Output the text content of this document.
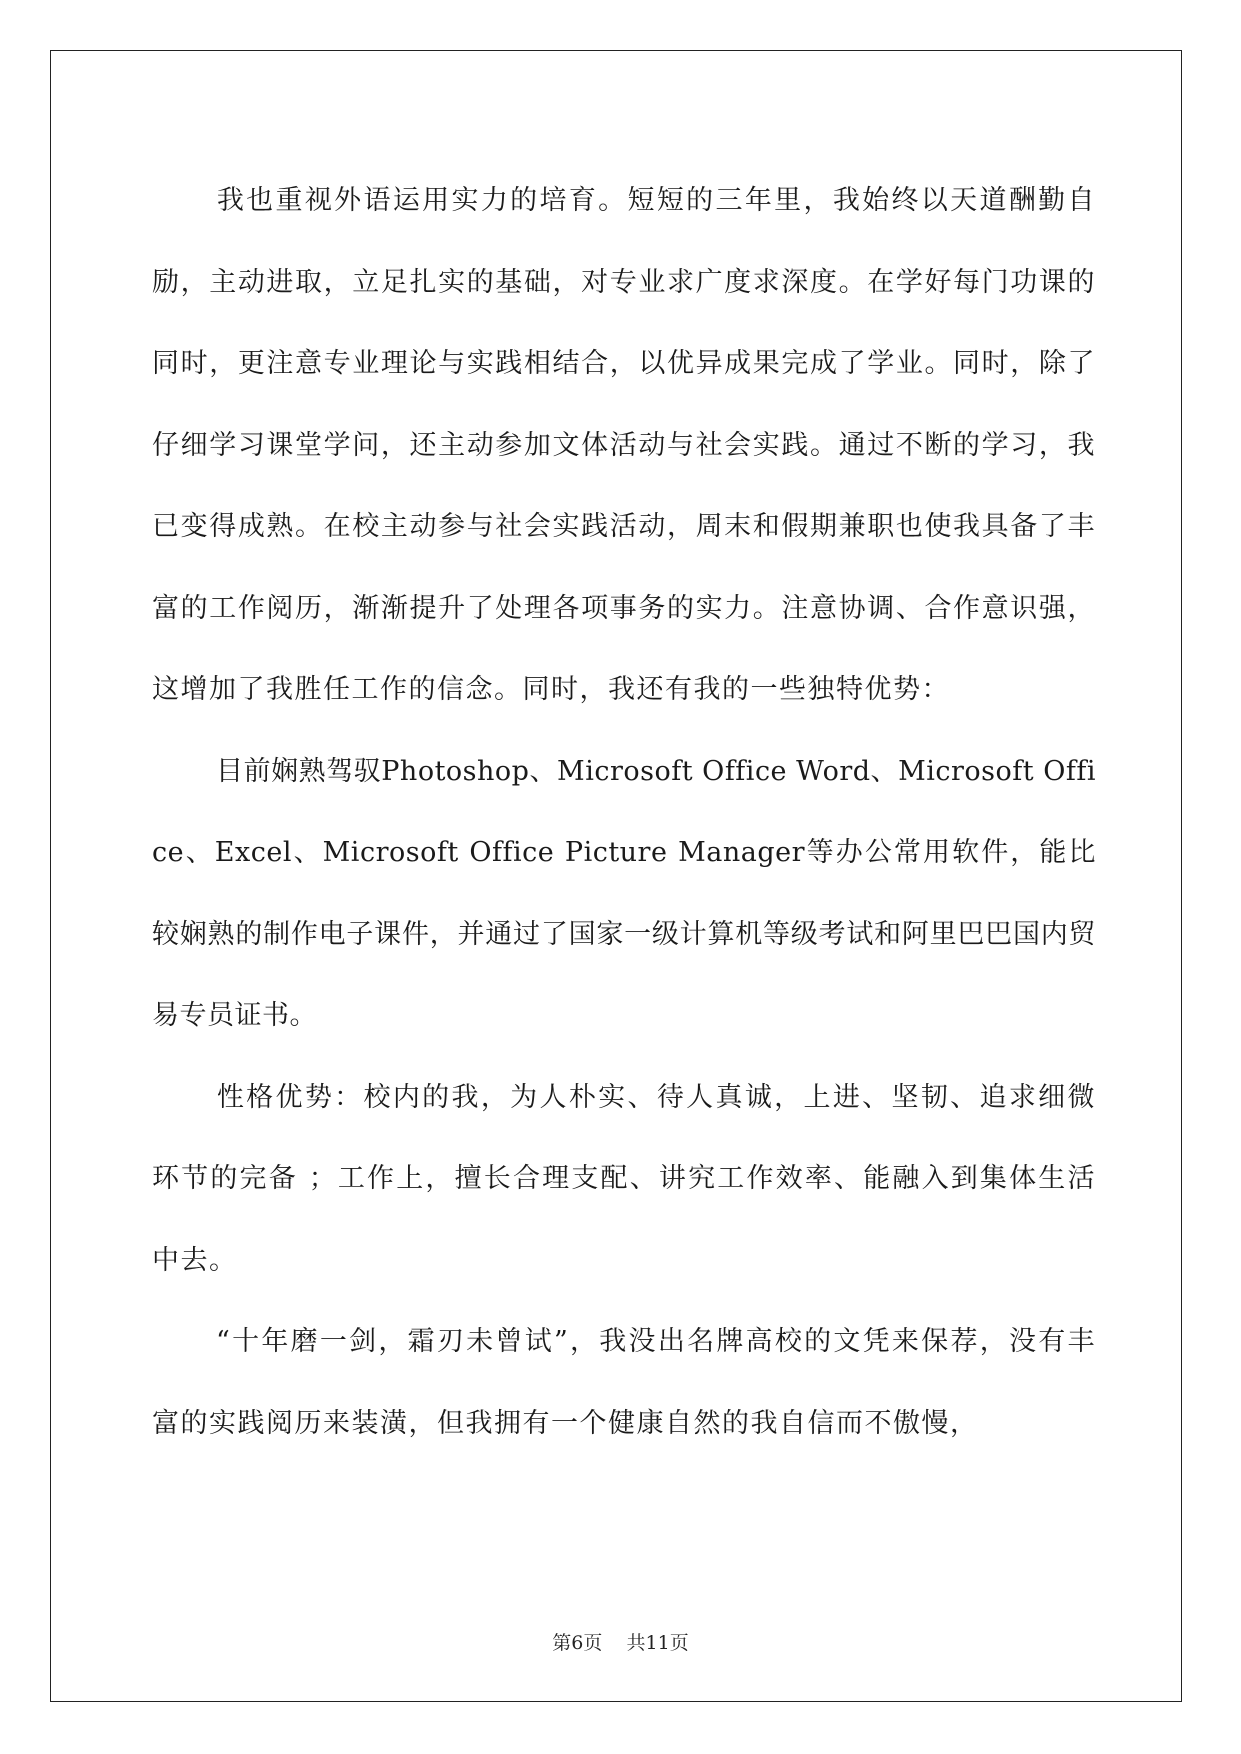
我也重视外语运用实力的培育。短短的三年里，我始终以天道酬勤自励，主动进取，立足扎实的基础，对专业求广度求深度。在学好每门功课的同时，更注意专业理论与实践相结合，以优异成果完成了学业。同时，除了仔细学习课堂学问，还主动参加文体活动与社会实践。通过不断的学习，我已变得成熟。在校主动参与社会实践活动，周末和假期兼职也使我具备了丰富的工作阅历，渐渐提升了处理各项事务的实力。注意协调、合作意识强，这增加了我胜任工作的信念。同时，我还有我的一些独特优势：

目前娴熟驾驭Photoshop、Microsoft Office Word、Microsoft Office、Excel、Microsoft Office Picture Manager等办公常用软件，能比较娴熟的制作电子课件，并通过了国家一级计算机等级考试和阿里巴巴国内贸易专员证书。

性格优势：校内的我，为人朴实、待人真诚，上进、坚韧、追求细微环节的完备 ；工作上，擅长合理支配、讲究工作效率、能融入到集体生活中去。

“十年磨一剑，霜刃未曾试”，我没出名牌高校的文凭来保荐，没有丰富的实践阅历来装潢，但我拥有一个健康自然的我自信而不傲慢，

第6页 共11页
